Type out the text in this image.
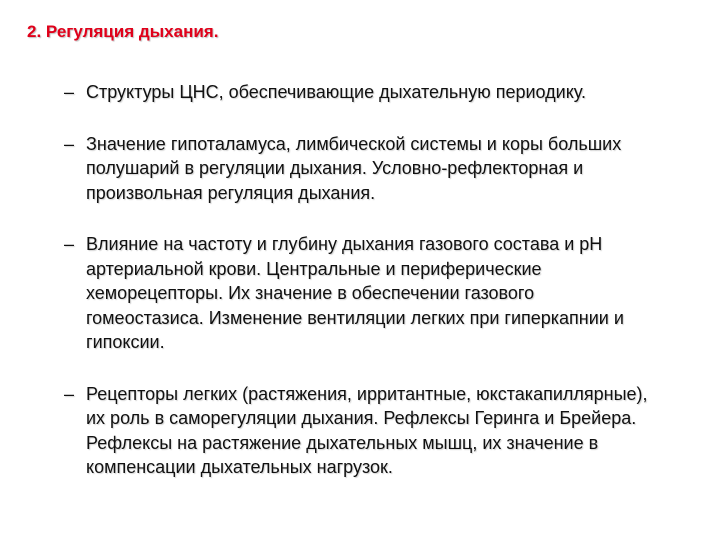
2. Регуляция дыхания.
– Структуры ЦНС, обеспечивающие дыхательную периодику.
– Значение гипоталамуса, лимбической системы и коры больших
полушарий в регуляции дыхания. Условно-рефлекторная и
произвольная регуляция дыхания.
– Влияние на частоту и глубину дыхания газового состава и рН
артериальной крови. Центральные и периферические
хеморецепторы. Их значение в обеспечении газового
гомеостазиса. Изменение вентиляции легких при гиперкапнии и
гипоксии.
– Рецепторы легких (растяжения, ирритантные, юкстакапиллярные),
их роль в саморегуляции дыхания. Рефлексы Геринга и Брейера.
Рефлексы на растяжение дыхательных мышц, их значение в
компенсации дыхательных нагрузок.
